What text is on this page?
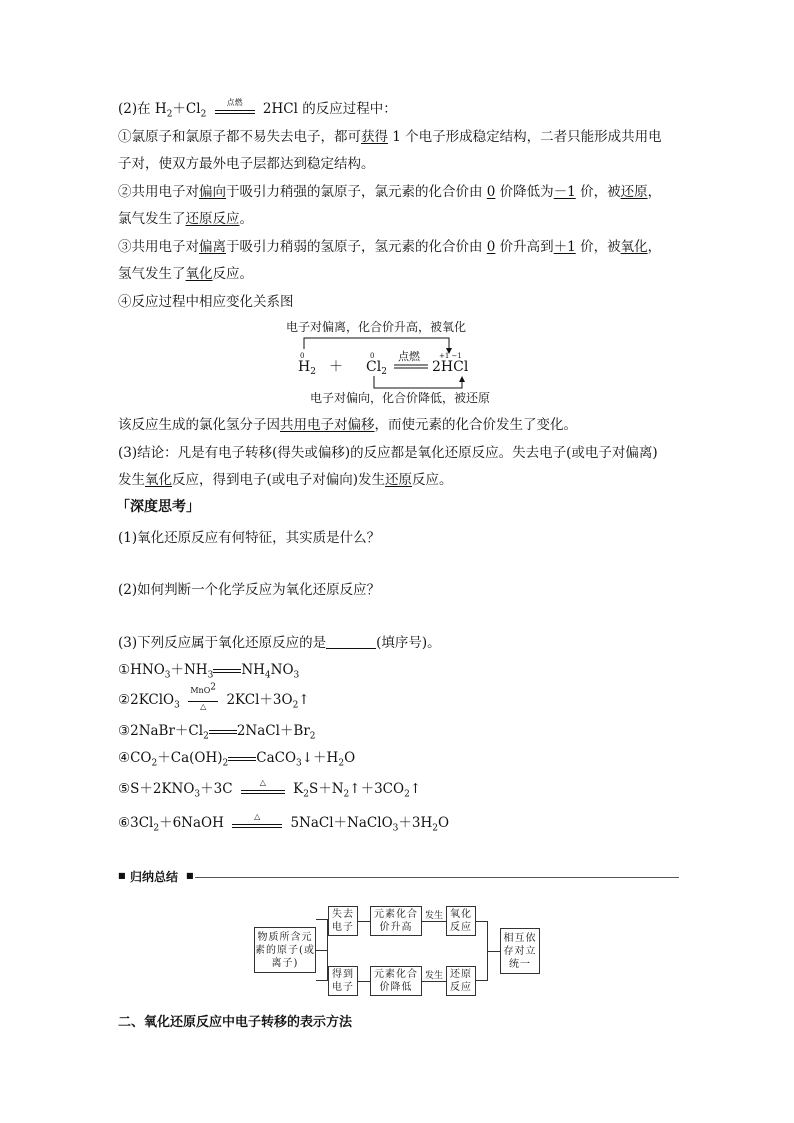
(2)在 $H_2+Cl_2$
点燃	2HCl 的反应过程中：
①氯原子和氯原子都不易失去电子，都可获得 1 个电子形成稳定结构，二者只能形成共用电
子对，使双方最外电子层都达到稳定结构。
②共用电子对偏向于吸引力稍强的氯原子，氯元素的化合价由 0 价降低为－1 价，被还原，
氯气发生了还原反应。
③共用电子对偏离于吸引力稍弱的氢原子，氢元素的化合价由 0 价升高到＋1 价，被氧化，
氢气发生了氧化反应。
④反应过程中相应变化关系图
电子对偏离，化合价升高，被氧化
0	0	+1 −1
$H_2 + Cl_2$
点燃
2HCl
电子对偏向，化合价降低，被还原
该反应生成的氯化氢分子因共用电子对偏移，而使元素的化合价发生了变化。
(3)结论：凡是有电子转移(得失或偏移)的反应都是氧化还原反应。失去电子(或电子对偏离)
发生氧化反应，得到电子(或电子对偏向)发生还原反应。
「深度思考」
(1)氧化还原反应有何特征，其实质是什么？
(2)如何判断一个化学反应为氧化还原反应？
(3)下列反应属于氧化还原反应的是	(填序号)。
$①HNO_3+NH_3$ $NH_4NO_3$
②2KClO$_3$
MnO$^2$
△	$2KCl+3O_2↑$
$③2NaBr+Cl_2$ $2NaCl+Br_2$
$④CO_2+Ca(OH)_2$ $CaCO_3↓+H_2O$
$⑤S+2KNO_3+3C$	△	$K_2S+N_2↑+3CO_2↑$
$⑥3Cl_2+6NaOH$	△	$5NaCl+NaClO_3+3H_2O$
■ 归纳总结 ■
物质所含元素的原子(或离子)
失去电子
得到电子
元素化合价升高
元素化合价降低
发生
发生
氧化反应
还原反应
相互依存对立统一
二、氧化还原反应中电子转移的表示方法
